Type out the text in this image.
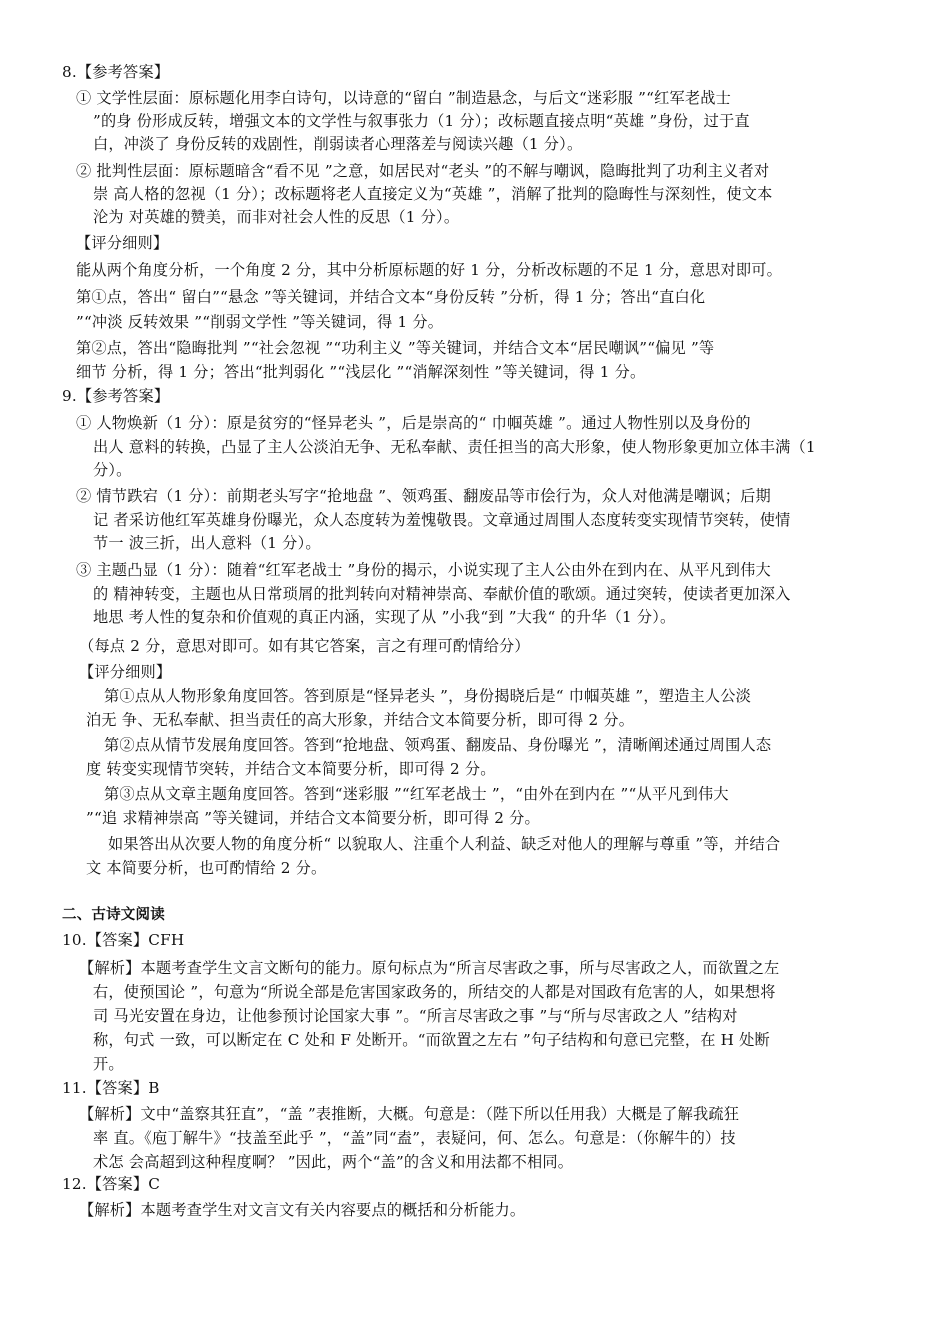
8.【参考答案】
① 文学性层面：原标题化用李白诗句，以诗意的“留白 ”制造悬念，与后文“迷彩服 ”“红军老战士
”的身 份形成反转，增强文本的文学性与叙事张力（1 分）；改标题直接点明“英雄 ”身份，过于直
白，冲淡了 身份反转的戏剧性，削弱读者心理落差与阅读兴趣（1 分）。
② 批判性层面：原标题暗含“看不见 ”之意，如居民对“老头 ”的不解与嘲讽，隐晦批判了功利主义者对
崇 高人格的忽视（1 分）；改标题将老人直接定义为“英雄 ”，消解了批判的隐晦性与深刻性，使文本
沦为 对英雄的赞美，而非对社会人性的反思（1 分）。
【评分细则】
能从两个角度分析，一个角度 2 分，其中分析原标题的好 1 分，分析改标题的不足 1 分，意思对即可。
第①点，答出“ 留白”“悬念 ”等关键词，并结合文本“身份反转 ”分析，得 1 分；答出“直白化
”“冲淡 反转效果 ”“削弱文学性 ”等关键词，得 1 分。
第②点，答出“隐晦批判 ”“社会忽视 ”“功利主义 ”等关键词，并结合文本“居民嘲讽”“偏见 ”等
细节 分析，得 1 分；答出“批判弱化 ”“浅层化 ”“消解深刻性 ”等关键词，得 1 分。
9.【参考答案】
① 人物焕新（1 分）：原是贫穷的“怪异老头 ”，后是崇高的“ 巾帼英雄 ”。通过人物性别以及身份的
出人 意料的转换，凸显了主人公淡泊无争、无私奉献、责任担当的高大形象，使人物形象更加立体丰满（1
分）。
② 情节跌宕（1 分）：前期老头写字“抢地盘 ”、领鸡蛋、翻废品等市侩行为，众人对他满是嘲讽；后期
记 者采访他红军英雄身份曝光，众人态度转为羞愧敬畏。文章通过周围人态度转变实现情节突转，使情
节一 波三折，出人意料（1 分）。
③ 主题凸显（1 分）：随着“红军老战士 ”身份的揭示，小说实现了主人公由外在到内在、从平凡到伟大
的 精神转变，主题也从日常琐屑的批判转向对精神崇高、奉献价值的歌颂。通过突转，使读者更加深入
地思 考人性的复杂和价值观的真正内涵，实现了从 ”小我“到 ”大我“ 的升华（1 分）。
（每点 2 分，意思对即可。如有其它答案，言之有理可酌情给分）
【评分细则】
第①点从人物形象角度回答。答到原是“怪异老头 ”，身份揭晓后是“ 巾帼英雄 ”，塑造主人公淡
泊无 争、无私奉献、担当责任的高大形象，并结合文本简要分析，即可得 2 分。
第②点从情节发展角度回答。答到“抢地盘、领鸡蛋、翻废品、身份曝光 ”，清晰阐述通过周围人态
度 转变实现情节突转，并结合文本简要分析，即可得 2 分。
第③点从文章主题角度回答。答到“迷彩服 ”“红军老战士 ”，“由外在到内在 ”“从平凡到伟大
”“追 求精神崇高 ”等关键词，并结合文本简要分析，即可得 2 分。
如果答出从次要人物的角度分析“ 以貌取人、注重个人利益、缺乏对他人的理解与尊重 ”等，并结合
文 本简要分析，也可酌情给 2 分。
二、古诗文阅读
10.【答案】CFH
【解析】本题考查学生文言文断句的能力。原句标点为“所言尽害政之事，所与尽害政之人，而欲置之左
右，使预国论 ”，句意为“所说全部是危害国家政务的，所结交的人都是对国政有危害的人，如果想将
司 马光安置在身边，让他参预讨论国家大事 ”。“所言尽害政之事 ”与“所与尽害政之人 ”结构对
称，句式 一致，可以断定在 C 处和 F 处断开。“而欲置之左右 ”句子结构和句意已完整，在 H 处断
开。
11.【答案】B
【解析】文中“盖察其狂直”，“盖 ”表推断，大概。句意是：（陛下所以任用我）大概是了解我疏狂
率 直。《庖丁解牛》“技盖至此乎 ”，“盖”同“盍”，表疑问，何、怎么。句意是：（你解牛的）技
术怎 会高超到这种程度啊？ ”因此，两个“盖”的含义和用法都不相同。
12.【答案】C
【解析】本题考查学生对文言文有关内容要点的概括和分析能力。
